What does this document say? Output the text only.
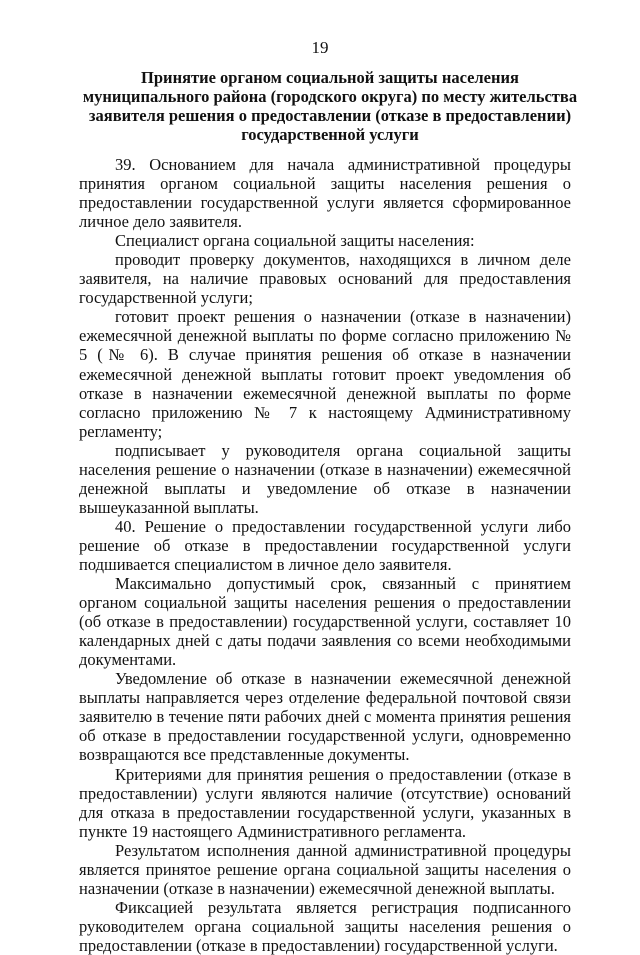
19
Принятие органом социальной защиты населения
муниципального района (городского округа) по месту жительства
заявителя решения о предоставлении (отказе в предоставлении)
государственной услуги

39. Основанием для начала административной процедуры принятия органом социальной защиты населения решения о предоставлении государственной услуги является сформированное личное дело заявителя.

Специалист органа социальной защиты населения:

проводит проверку документов, находящихся в личном деле заявителя, на наличие правовых оснований для предоставления государственной услуги;

готовит проект решения о назначении (отказе в назначении) ежемесячной денежной выплаты по форме согласно приложению № 5 (№ 6). В случае принятия решения об отказе в назначении ежемесячной денежной выплаты готовит проект уведомления об отказе в назначении ежемесячной денежной выплаты по форме согласно приложению № 7 к настоящему Административному регламенту;

подписывает у руководителя органа социальной защиты населения решение о назначении (отказе в назначении) ежемесячной денежной выплаты и уведомление об отказе в назначении вышеуказанной выплаты.

40. Решение о предоставлении государственной услуги либо решение об отказе в предоставлении государственной услуги подшивается специалистом в личное дело заявителя.

Максимально допустимый срок, связанный с принятием органом социальной защиты населения решения о предоставлении (об отказе в предоставлении) государственной услуги, составляет 10 календарных дней с даты подачи заявления со всеми необходимыми документами.

Уведомление об отказе в назначении ежемесячной денежной выплаты направляется через отделение федеральной почтовой связи заявителю в течение пяти рабочих дней с момента принятия решения об отказе в предоставлении государственной услуги, одновременно возвращаются все представленные документы.

Критериями для принятия решения о предоставлении (отказе в предоставлении) услуги являются наличие (отсутствие) оснований для отказа в предоставлении государственной услуги, указанных в пункте 19 настоящего Административного регламента.

Результатом исполнения данной административной процедуры является принятое решение органа социальной защиты населения о назначении (отказе в назначении) ежемесячной денежной выплаты.

Фиксацией результата является регистрация подписанного руководителем органа социальной защиты населения решения о предоставлении (отказе в предоставлении) государственной услуги.
